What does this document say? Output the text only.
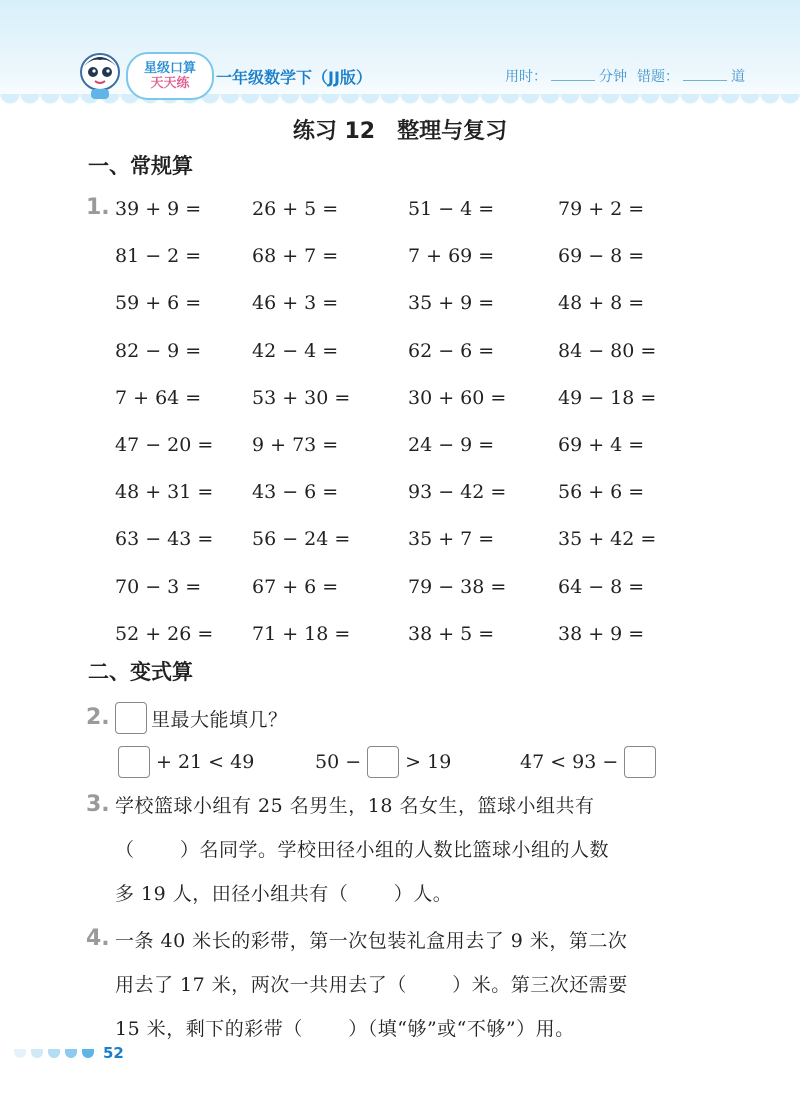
星级口算
天天练 一年级数学下（JJ版）	用时：	分钟 错题：	道
练习 12 整理与复习
一、常规算
1. 39 + 9 =	26 + 5 =	51 − 4 =	79 + 2 =
81 − 2 =	68 + 7 =	7 + 69 =	69 − 8 =
59 + 6 =	46 + 3 =	35 + 9 =	48 + 8 =
82 − 9 =	42 − 4 =	62 − 6 =	84 − 80 =
7 + 64 =	53 + 30 =	30 + 60 =	49 − 18 =
47 − 20 =	9 + 73 =	24 − 9 =	69 + 4 =
48 + 31 =	43 − 6 =	93 − 42 =	56 + 6 =
63 − 43 =	56 − 24 =	35 + 7 =	35 + 42 =
70 − 3 =	67 + 6 =	79 − 38 =	64 − 8 =
52 + 26 =	71 + 18 =	38 + 5 =	38 + 9 =
二、变式算
2. 里最大能填几？
+ 21 < 49	50 − > 19	47 < 93 −
3. 学校篮球小组有 25 名男生，18 名女生，篮球小组共有
（　　 ）名同学。学校田径小组的人数比篮球小组的人数
多 19 人，田径小组共有（　　 ）人。
4. 一条 40 米长的彩带，第一次包装礼盒用去了 9 米，第二次
用去了 17 米，两次一共用去了（　　 ）米。第三次还需要
15 米，剩下的彩带（　　 ）（填“够”或“不够”）用。
52
